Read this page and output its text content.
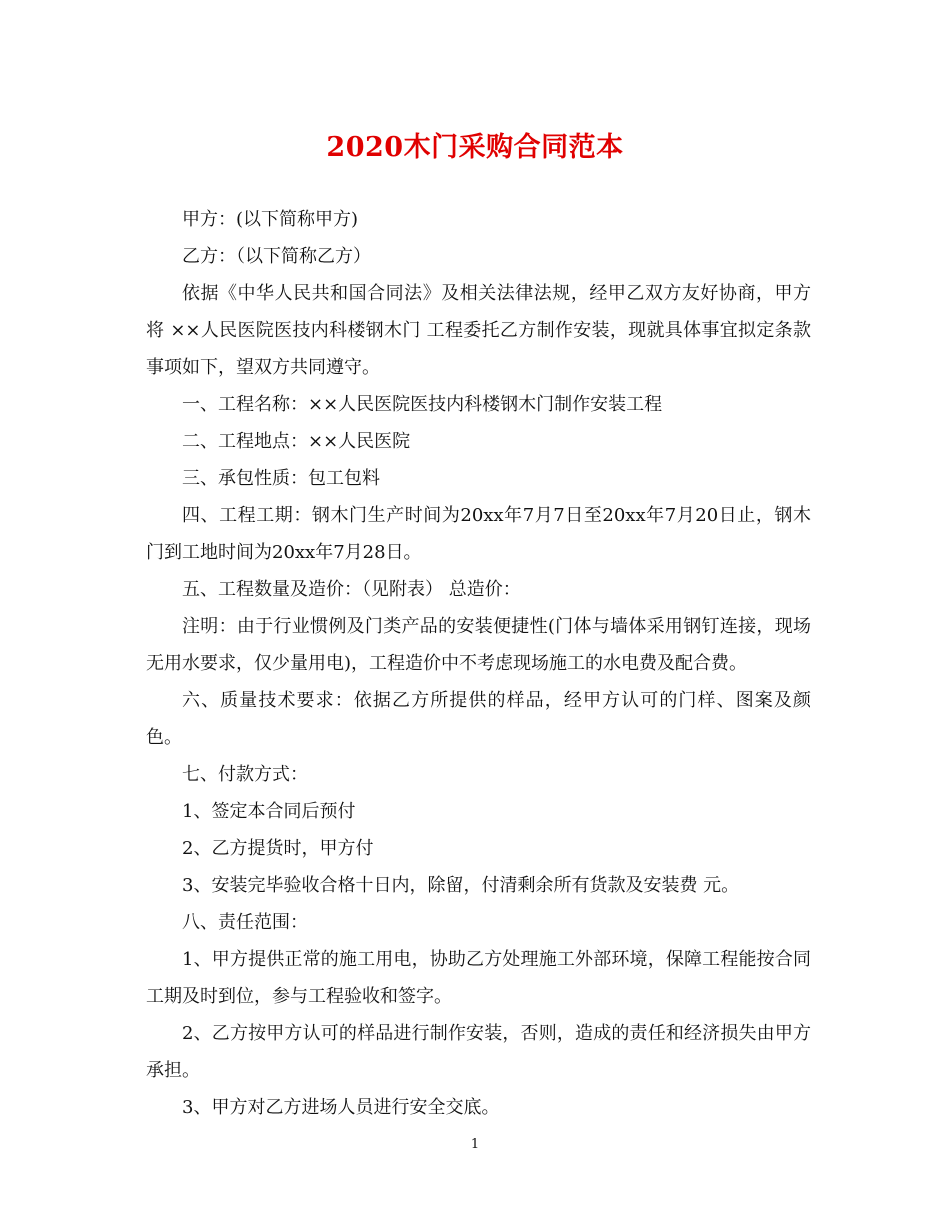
2020木门采购合同范本

甲方：(以下简称甲方)

乙方：（以下简称乙方）

依据《中华人民共和国合同法》及相关法律法规，经甲乙双方友好协商，甲方将 ××人民医院医技内科楼钢木门 工程委托乙方制作安装，现就具体事宜拟定条款事项如下，望双方共同遵守。

一、工程名称：××人民医院医技内科楼钢木门制作安装工程

二、工程地点：××人民医院

三、承包性质：包工包料

四、工程工期：钢木门生产时间为20xx年7月7日至20xx年7月20日止，钢木门到工地时间为20xx年7月28日。

五、工程数量及造价：（见附表） 总造价：

注明：由于行业惯例及门类产品的安装便捷性(门体与墙体采用钢钉连接，现场无用水要求，仅少量用电)，工程造价中不考虑现场施工的水电费及配合费。

六、质量技术要求：依据乙方所提供的样品，经甲方认可的门样、图案及颜色。

七、付款方式：

1、签定本合同后预付

2、乙方提货时，甲方付

3、安装完毕验收合格十日内，除留，付清剩余所有货款及安装费 元。

八、责任范围：

1、甲方提供正常的施工用电，协助乙方处理施工外部环境，保障工程能按合同工期及时到位，参与工程验收和签字。

2、乙方按甲方认可的样品进行制作安装，否则，造成的责任和经济损失由甲方承担。

3、甲方对乙方进场人员进行安全交底。

1
